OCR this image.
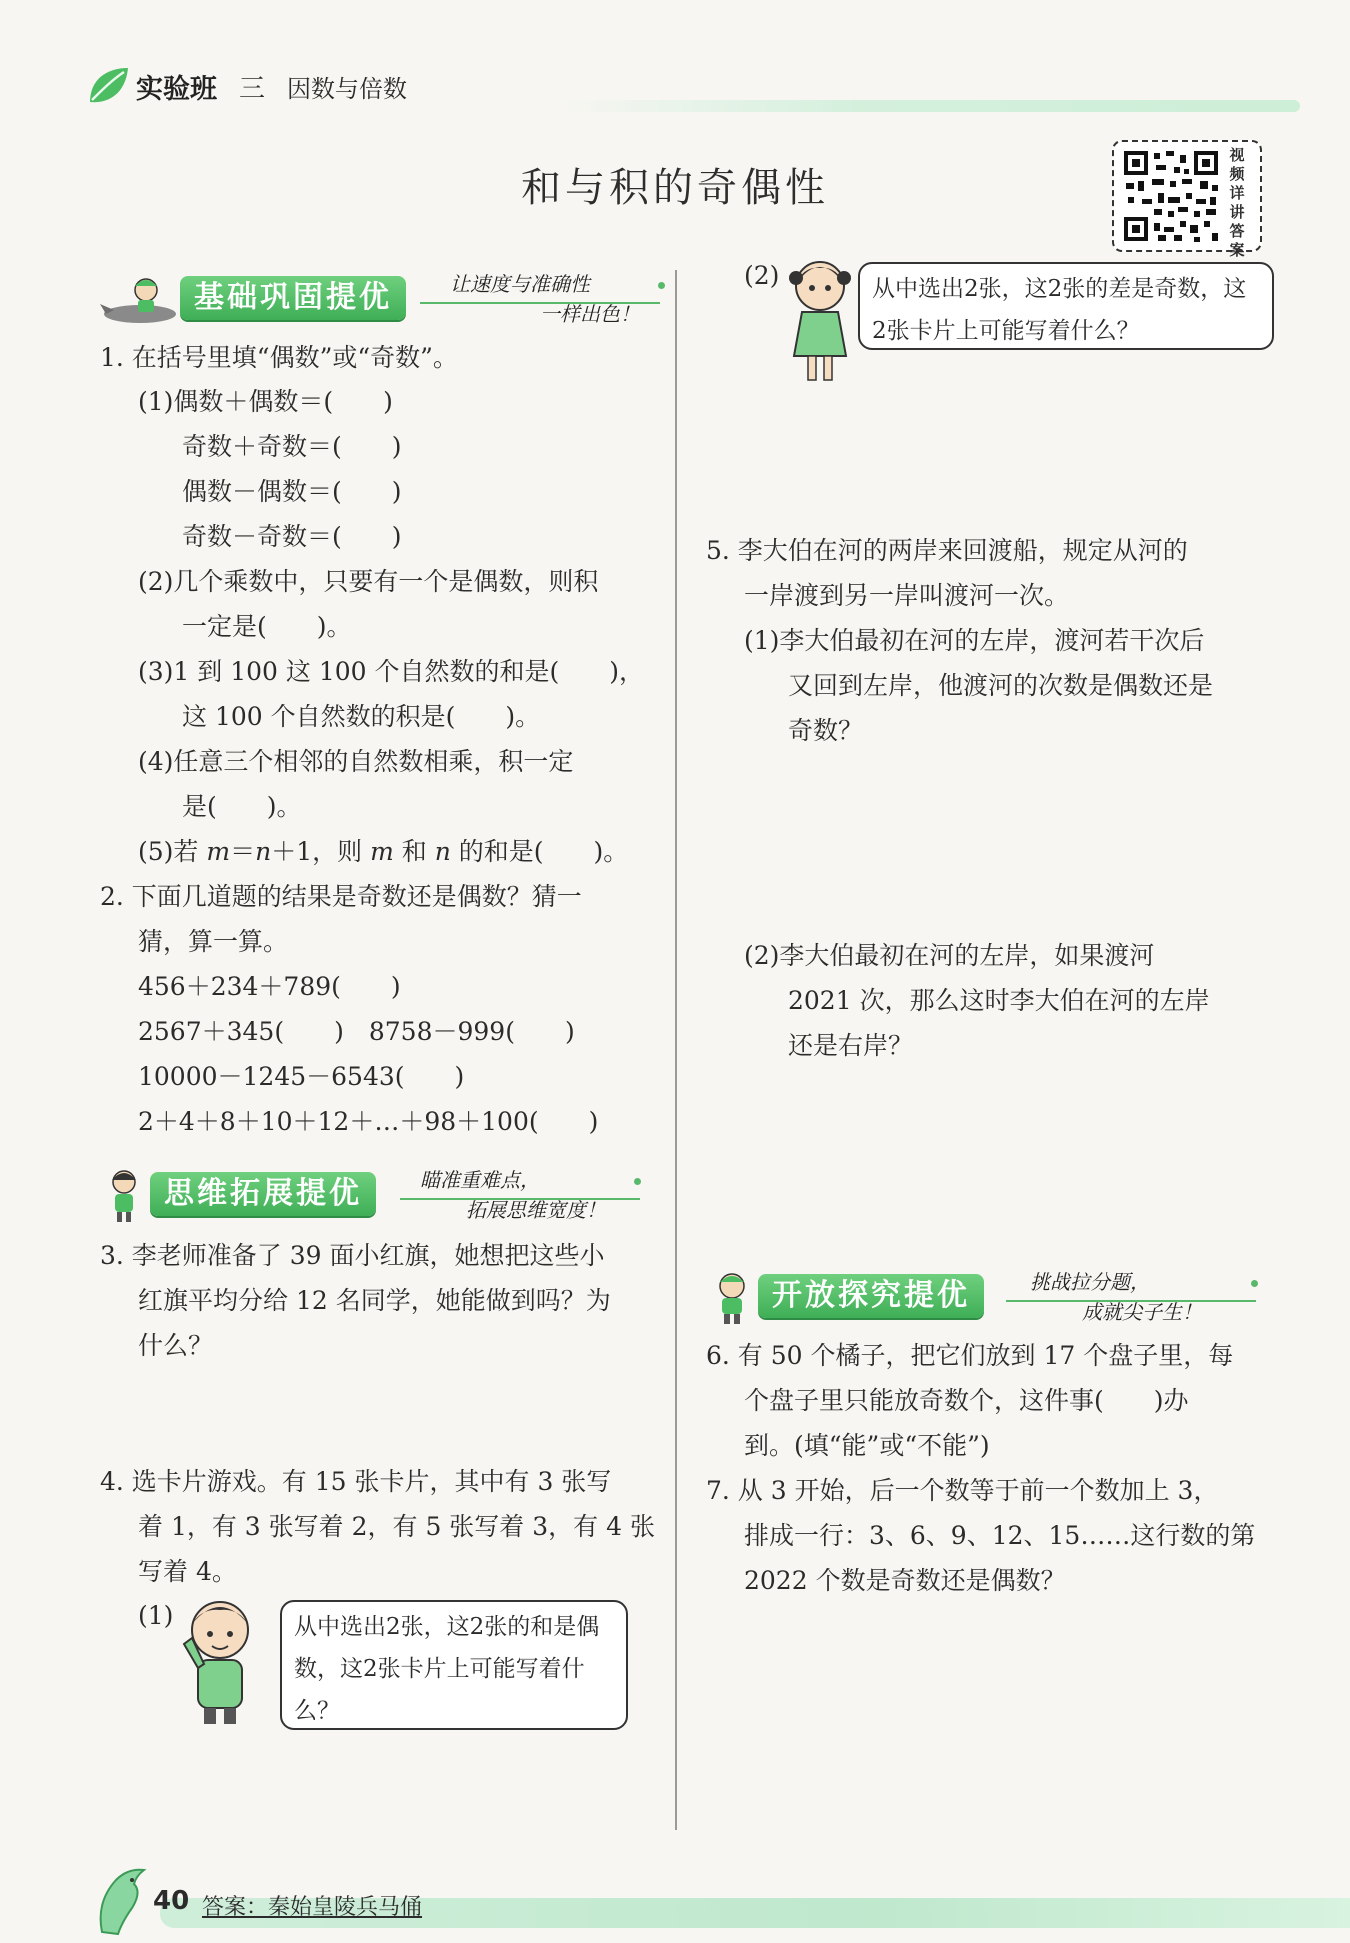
实验班 三 因数与倍数
和与积的奇偶性
视频详讲答案
基础巩固提优	让速度与准确性
一样出色！
1. 在括号里填“偶数”或“奇数”。
(1)偶数＋偶数＝(　　)
奇数＋奇数＝(　　)
偶数－偶数＝(　　)
奇数－奇数＝(　　)
(2)几个乘数中，只要有一个是偶数，则积
一定是(　　)。
(3)1 到 100 这 100 个自然数的和是(　　)，
这 100 个自然数的积是(　　)。
(4)任意三个相邻的自然数相乘，积一定
是(　　)。
(5)若 m＝n＋1，则 m 和 n 的和是(　　)。
2. 下面几道题的结果是奇数还是偶数？猜一
猜，算一算。
456＋234＋789(　　)
2567＋345(　　)　8758－999(　　)
10000－1245－6543(　　)
2＋4＋8＋10＋12＋…＋98＋100(　　)
思维拓展提优	瞄准重难点，
拓展思维宽度！
3. 李老师准备了 39 面小红旗，她想把这些小
红旗平均分给 12 名同学，她能做到吗？为
什么？
4. 选卡片游戏。有 15 张卡片，其中有 3 张写
着 1，有 3 张写着 2，有 5 张写着 3，有 4 张
写着 4。
(1)	从中选出2张，这2张的和是偶数，这2张卡片上可能写着什么？
(2)	从中选出2张，这2张的差是奇数，这2张卡片上可能写着什么？
5. 李大伯在河的两岸来回渡船，规定从河的
一岸渡到另一岸叫渡河一次。
(1)李大伯最初在河的左岸，渡河若干次后
又回到左岸，他渡河的次数是偶数还是
奇数？
(2)李大伯最初在河的左岸，如果渡河
2021 次，那么这时李大伯在河的左岸
还是右岸？
开放探究提优	挑战拉分题，
成就尖子生！
6. 有 50 个橘子，把它们放到 17 个盘子里，每
个盘子里只能放奇数个，这件事(　　)办
到。(填“能”或“不能”)
7. 从 3 开始，后一个数等于前一个数加上 3，
排成一行：3、6、9、12、15……这行数的第
2022 个数是奇数还是偶数？
40 答案：秦始皇陵兵马俑
